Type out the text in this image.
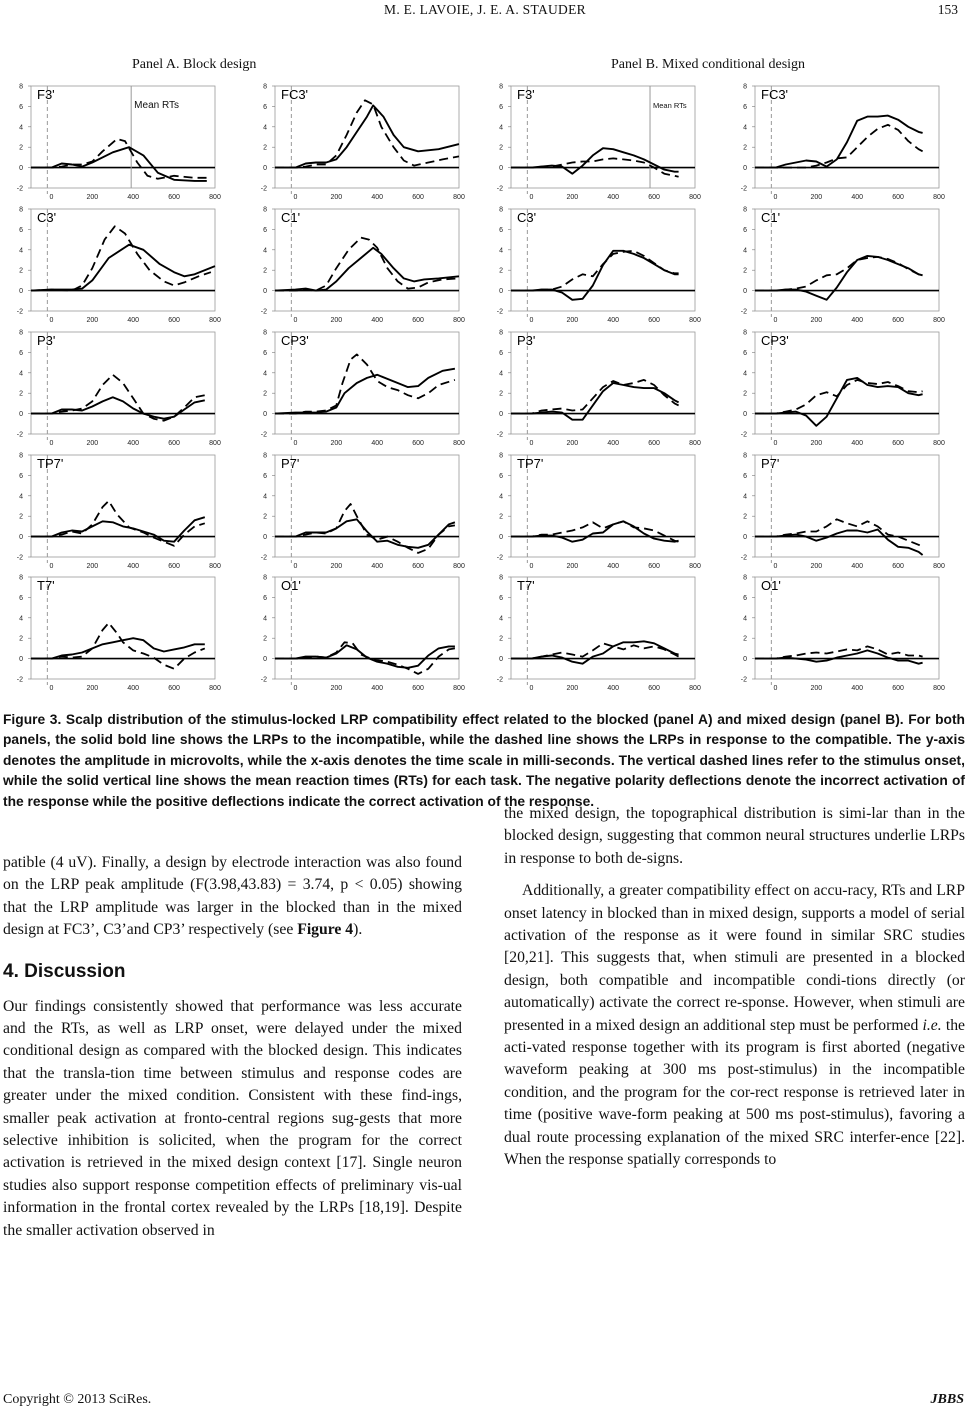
M. E. LAVOIE, J. E. A. STAUDER	153
Panel A. Block design	Panel B. Mixed conditional design
-2
0
2
4
6
8
0	200	400	600	800
Mean RTs
F3'
-2
0
2
4
6
8
0	200	400	600	800
C3'
-2
0
2
4
6
8
0	200	400	600	800
P3'
-2
0
2
4
6
8
0	200	400	600	800
TP7'
-2
0
2
4
6
8
0	200	400	600	800
T7'
-2
0
2
4
6
8
0	200	400	600	800
FC3'
-2
0
2
4
6
8
0	200	400	600	800
C1'
-2
0
2
4
6
8
0	200	400	600	800
CP3'
-2
0
2
4
6
8
0	200	400	600	800
P7'
-2
0
2
4
6
8
0	200	400	600	800
O1'
-2
0
2
4
6
8
0	200	400	600	800
Mean RTs
F3'
-2
0
2
4
6
8
0	200	400	600	800
C3'
-2
0
2
4
6
8
0	200	400	600	800
P3'
-2
0
2
4
6
8
0	200	400	600	800
TP7'
-2
0
2
4
6
8
0	200	400	600	800
T7'
-2
0
2
4
6
8
0	200	400	600	800
FC3'
-2
0
2
4
6
8
0	200	400	600	800
C1'
-2
0
2
4
6
8
0	200	400	600	800
CP3'
-2
0
2
4
6
8
0	200	400	600	800
P7'
-2
0
2
4
6
8
0	200	400	600	800
O1'
Figure 3. Scalp distribution of the stimulus-locked LRP compatibility effect related to the blocked (panel A) and mixed design (panel B). For both panels, the solid bold line shows the LRPs to the incompatible, while the dashed line shows the LRPs in response to the compatible. The y-axis denotes the amplitude in microvolts, while the x-axis denotes the time scale in milli-seconds. The vertical dashed lines refer to the stimulus onset, while the solid vertical line shows the mean reaction times (RTs) for each task. The negative polarity deflections denote the incorrect activation of the response while the positive deflections indicate the correct activation of the response.

patible (4 uV). Finally, a design by electrode interaction was also found on the LRP peak amplitude (F(3.98,43.83) = 3.74, p < 0.05) showing that the LRP amplitude was larger in the blocked than in the mixed design at FC3’, C3’and CP3’ respectively (see Figure 4).

4. Discussion

Our findings consistently showed that performance was less accurate and the RTs, as well as LRP onset, were delayed under the mixed conditional design as compared with the blocked design. This indicates that the transla-tion time between stimulus and response codes are greater under the mixed condition. Consistent with these find-ings, smaller peak activation at fronto-central regions sug-gests that more selective inhibition is solicited, when the program for the correct activation is retrieved in the mixed design context [17]. Single neuron studies also support response competition effects of preliminary vis-ual information in the frontal cortex revealed by the LRPs [18,19]. Despite the smaller activation observed in

the mixed design, the topographical distribution is simi-lar than in the blocked design, suggesting that common neural structures underlie LRPs in response to both de-signs.

Additionally, a greater compatibility effect on accu-racy, RTs and LRP onset latency in blocked than in mixed design, supports a model of serial activation of the response as it were found in similar SRC studies [20,21]. This suggests that, when stimuli are presented in a blocked design, both compatible and incompatible condi-tions directly (or automatically) activate the correct re-sponse. However, when stimuli are presented in a mixed design an additional step must be performed i.e. the acti-vated response together with its program is first aborted (negative waveform peaking at 300 ms post-stimulus) in the incompatible condition, and the program for the cor-rect response is retrieved later in time (positive wave-form peaking at 500 ms post-stimulus), favoring a dual route processing explanation of the mixed SRC interfer-ence [22]. When the response spatially corresponds to

Copyright © 2013 SciRes.	JBBS
